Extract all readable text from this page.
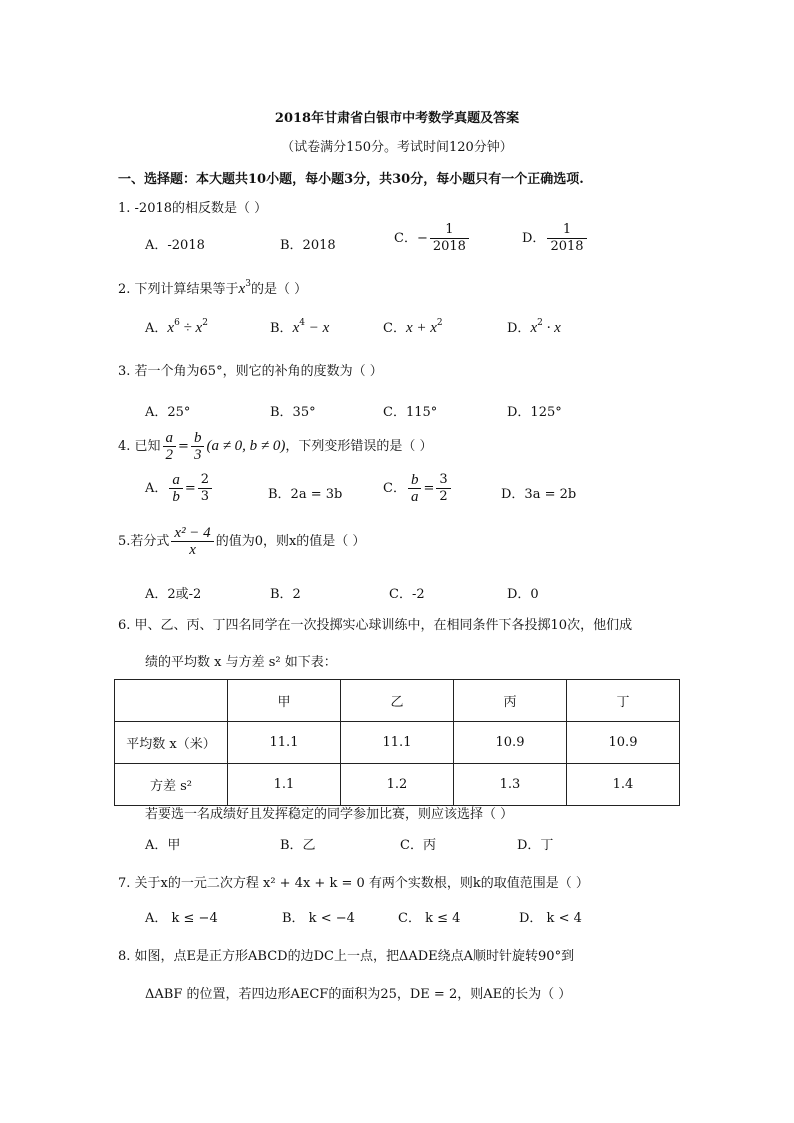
2018年甘肃省白银市中考数学真题及答案
（试卷满分150分。考试时间120分钟）
一、选择题：本大题共10小题，每小题3分，共30分，每小题只有一个正确选项.
1. -2018的相反数是（ ）
A．-2018	B．2018	C．− $\frac{1}{2018}$	D． $\frac{1}{2018}$
2. 下列计算结果等于$x^3$的是（ ）
A．$x^6 \div x^2$	B．$x^4 - x$	C．$x + x^2$	D．$x^2 \cdot x$
3. 若一个角为65°，则它的补角的度数为（ ）
A．25°	B．35°	C．115°	D．125°
4. 已知 $\frac{a}{2} = \frac{b}{3} (a \ne 0$, b ≠ 0)，下列变形错误的是（ ）
A． $\frac{a}{b} = \frac{2}{3}$	B．2a = 3b	C． $\frac{b}{a} = \frac{3}{2}$	D．3a = 2b
5.若分式 $\frac{\text{x² − 4}}{x}$ 的值为0，则x的值是（ ）
A．2或-2	B．2	C．-2	D．0
6. 甲、乙、丙、丁四名同学在一次投掷实心球训练中，在相同条件下各投掷10次，他们成
绩的平均数 x 与方差 s² 如下表：
	甲	乙	丙	丁
平均数 x（米）	11.1	11.1	10.9	10.9
方差 s²	1.1	1.2	1.3	1.4
若要选一名成绩好且发挥稳定的同学参加比赛，则应该选择（ ）
A．甲	B．乙	C．丙	D．丁
7. 关于x的一元二次方程 x² + 4x + k = 0 有两个实数根，则k的取值范围是（ ）
A． k ≤ −4	B． k < −4	C． k ≤ 4	D． k < 4
8. 如图，点E是正方形ABCD的边DC上一点，把ΔADE绕点A顺时针旋转90°到
ΔABF 的位置，若四边形AECF的面积为25，DE = 2，则AE的长为（ ）
